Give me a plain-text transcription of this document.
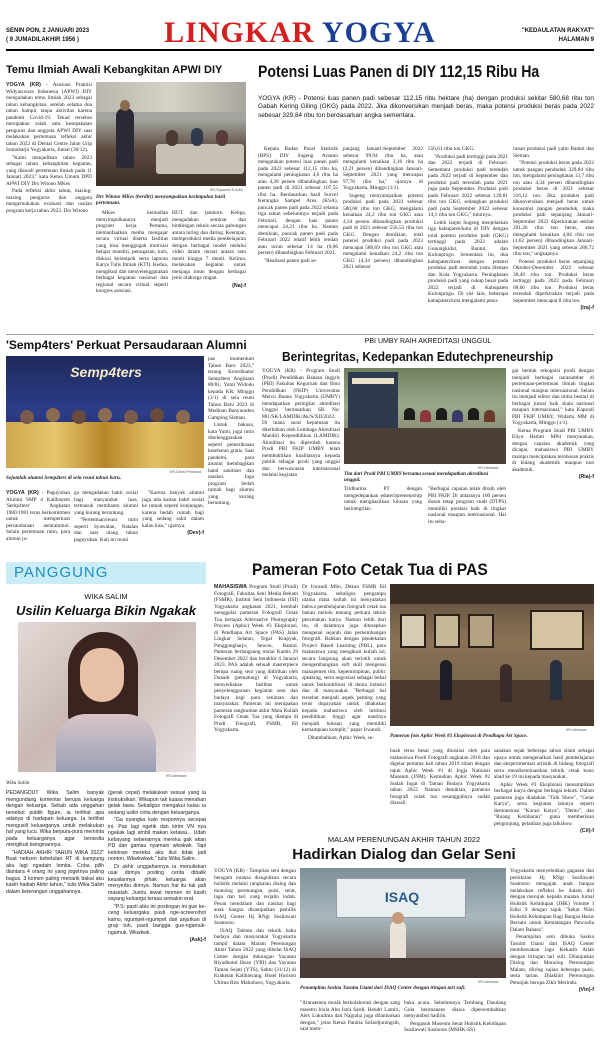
SENIN PON, 2 JANUARI 2023
( 9 JUMADILAKHIR 1956 )	LINGKAR YOGYA	"KEDAULATAN RAKYAT"
HALAMAN 9
Temu Ilmiah Awali Kebangkitan APWI DIY

YOGYA (KR) - Asosiasi Praktisi Widyaiswara Indonesia (APWI) DIY mengadakan temu ilmiah 2023 sebagai tahun kebangkitan, setelah selama dua tahun hampir tanpa aktivitas karena pandemi Covid-19. Tekad tersebut merupakan salah satu kesepakatan pengurus dan anggota APWI DIY saat melakukan pertemuan refleksi akhir tahun 2022 di Dental Centre Jalan Urip Sumoharjo Yogyakarta, Jumat (30/12).

"Kami menjadikan tahun 2023 sebagai tahun kebangkitan kegiatan, yang diawali pertemuan ilmiah pada 11 Januari 2023," kata Ketua Umum DPD APWI DIY Drs Witono MKes

Pada refleksi akhir tahun, masing-masing pengurus dan anggota mengemukakan evaluasi dan usulan program kerja tahun 2023. Drs Witono

KR-Supartno S.Adhi
Drs Witono MKes (berdiri) menyampaikan kesimpulan hasil pertemuan.

MKes kemudian menyimpulkannya menjadi program kerja. Pertama, memanfaatkan media mengajar secara virtual diserta fasilitas yang bisa menggugah motivasi belajar mandiri, penugasan, kuis, diskusi kelompok serta laporan Karya Tulis Ilmiah (KTI). Kedua, mengikuti dan menyelenggarakan berbagai kegiatan nasional dan regional secara virtual seperti kongres asosiasi,

HUT dan jambore. Ketiga, mengadakan seminar dan bimbingan teknis secara gabungan antara luring dan daring. Keempat, memproduksi media pembelajaran dengan berbagai model melalui video dalam durasi antara satu menit hingga 7 menit. Kelima, melakukan kegiatan untuk menjaga imun dengan berbagai jenis olahraga ringan.

(Na)-f

Potensi Luas Panen di DIY 112,15 Ribu Ha
YOGYA (KR) - Potensi luas panen padi sebesar 112,15 ribu hektare (ha) dengan produksi sekitar 580,68 ribu ton Gabah Kering Giling (GKG) pada 2022. Jika dikonversikan menjadi beras, maka potensi produksi beras pada 2022 sebesar 329,84 ribu ton berdasarkan angka sementara.

Kepala Badan Pusat Statistik (BPS) DIY Sugeng Arianto mengatakan potensi luas panen padi pada 2022 sebesar 112,15 ribu ha, mengalami peningkatan 4,6 ribu ha atau 4,28 persen dibandingkan luas panen padi di 2021 sebesar 107,55 ribu ha. Berdasarkan hasil Survei Kerangka Sampel Area (KSA), puncak panen padi pada 2022 selama tiga tahun sebelumnya terjadi pada Februari, dengan luas panen mencapai 24,21 ribu ha. Namun demikian, puncak panen padi pada Februari 2022 relatif lebih rendah atau turun sebesar 14 ha (0,06 persen) dibandingkan Februari 2021.

"Realisasi panen padi se-

panjang Januari-September 2022 sebesar 99,94 ribu ha, atau mengalami kenaikan 2,16 ribu ha (2,21 persen) dibandingkan Januari-September 2021 yang mencapai 97,78 ribu ha," ujarnya di Yogyakarta, Minggu (1/1).

Sugeng menyampaikan potensi produksi padi pada 2022 sebesar 580,68 ribu ton GKG, mengalami kenaikan 24,2 ribu ton GKG atau 4,34 persen dibandingkan produksi padi di 2021 sebesar 556,53 ribu ton GKG. Dengan demikian, total potensi produksi padi pada 2022 mencapai 580,69 ribu ton GKG atau mengalami kenaikan 24,2 ribu ton GKG (4,34 persen) dibandingkan 2021 sebesar

556,61 ribu ton GKG.

"Produksi padi tertinggi pada 2021 dan 2022 terjadi di Februari. Sementara produksi padi terendah pada 2022 terjadi di September dan produksi padi terendah pada 2021 juga pada September. Produksi padi pada Februari 2022 sebesar 120,81 ribu ton GKG, sedangkan produksi padi pada September 2022 sebesar 14,1 ribu ton GKG," tuturnya.

Lebih lanjut Sugeng menjelaskan tiga kabupaten/kota di DIY dengan total potensi produksi padi (GKG) tertinggi pada 2022 adalah Gunungkidul, Bantul, dan Kulonprogo. Sementara itu, dua kabupaten/kota dengan potensi produksi padi terendah yaitu Sleman dan Kota Yogyakarta. Peningkatan produksi padi yang cukup besar pada 2022 terjadi di Kabupaten Kulonprogo. Di sisi lain, beberapa kabupaten/kota mengalami penu-

runan produksi padi yaitu Bantul dan Sleman.

"Potensi produksi beras pada 2022 untuk pangan penduduk 329,84 ribu ton, mengalami peningkatan 13,7 ribu ton atau 4,34 persen dibandingkan produksi beras di 2021 sebesar 316,12 ton. Jika produksi padi dikonversikan menjadi beras untuk konsumsi pangan penduduk, maka produksi padi sepanjang Januari-September 2022 diperkirakan sekitar 291,26 ribu ton beras, atau mengalami kenaikan 4,84 ribu ton (1,62 persen) dibandingkan Januari-September 2021 yang sebesar 286,72 ribu ton," ungkapnya.

Potensi produksi beras sepanjang Oktober-Desember 2022 sebesar 38,49 ribu ton. Produksi beras tertinggi pada 2022 pada Februari 68,66 ribu ton. Produksi beras terendah diperkirakan terjadi pada September mencapai 8 ribu ton.

(Ira)-f

'Semp4ters' Perkuat Persaudaraan Alumni
Semp4ters
KR-Devid Permana
Sejumlah alumni Semp4ters di sela reuni tahun baru.

YOGYA (KR) - Paguyuban Alumni SMP 4 Kalibayem 'Semp4ters' Angkatan 1980/1981 terus berkomitmen untuk memperkuat persaudaraan antaralumni. Selain pertemuan rutin, para alumni ju-

ga mengadakan bakti sosial bagi masyarakat luas, termasuk membantu alumni yang kurang beruntung.

"Pertemuan/reuni rutin seperti Syawalan, Natalan dan saat ulang tahun paguyuban. Kali ini reuni

"Karena banyak alumni juga ada kaitan bakti sosial ke rumah seperti kunjungan, karena bedah rumah bagi yang sedang sakit dalam kalau bisa," ujarnya.

(Dev)-f

pas momentum Tahun Baru 2023," terang Koordinator Semp4ters Angkatan 80/81, Yumi Widodo kepada KR, Minggu (1/1) di sela reuni Tahun Baru 2023 di Medinan Banyuraden Gamping Sleman.

Untuk bakosa, kata Yumi, juga rutin diselenggarakan seperti pemeriksaan kesehatan gratis. Saat pandemi, para alumni membagikan hand sanitizer dan masker. Juga program bedah rumah bagi alumni yang kurang beruntung.

PBI UMBY RAIH AKREDITASI UNGGUL
Berintegritas, Kedepankan Edutechpreneurship

YOGYA (KR) - Program Studi (Prodi) Pendidikan Bahasa Inggris (PBI) Fakultas Keguruan dan Ilmu Pendidikan (FKIP) Universitas Mercu Buana Yogyakarta (UMBY) mendapatkan peringkat akreditasi Unggul berdasarkan SK No: 881/SK/LAMDIK/Ak/S/XII/2022. Di mana surat keputusan itu diterbitkan oleh Lembaga Akreditasi Mandiri Kependidikan (LAMDIK). Akreditasi itu diperoleh karena Prodi PBI FKIP UMBY telah membuktikan kualitasnya kepada publik sebagai prodi yang unggul dan berwawasan internasional melalui kegiatan

KR-Istimewa
Tim dari Prodi PBI UMBY bersama sesuai mendapatkan akreditasi unggul.

Tridharma PT dengan mengedepankan edutechpreneurship untuk menghasilkan lulusan yang berintegritas.

"Berbagai capaian telah diraih oleh PBI FKIP. Di antaranya 100 persen dosen tetap program studi (DTPS) memiliki prestasi baik di tingkat nasional maupun internasional. Hal itu seba-

gai bentuk rekognisi prodi dengan menjadi berbagai narasumber di pertemuan-pertemuan ilmiah tingkat nasional maupun internasional. Selain itu menjadi editor dan mitra bestari di berbagai jurnal baik skala nasional maupun internasional," kata Kaprodi PBI FKIP UMBY, Widarta MM di Yogyakarta, Minggu (1/1).

Ketua Program Studi PBI UMBY Eliya Hartati MPd menyatakan, dengan capaian akademik yang dicapai, mahasiswa PBI UMBY mampu menciptakan terobosan praktis di bidang akademik maupun non akademik.

(Ria)-f

PANGGUNG
WIKA SALIM
Usilin Keluarga Bikin Ngakak
KR-Istimewa
Wika Salim

PEDANGDUT Wika Salim banyak mengundang komentar berupa keluarga dengan keluarga. Sebab ada unggahan tersebut publik figure, ia terlihat apa adanya di hadapan keluarga. Ia terlihat mengusili keluarganya untuk melakukan hal yang lucu. Wika berpura-pura meminta pada keluarganya agar bersedia mengikuti keinginannya.

"HADIAH AKHIR TAHUN WIKA 2022" Buat netizen kebetulan RT di kampung aku lagi ngadain lomba. Coba pilih diantara 4 orang ini yang jogetnya paling bagus. 3 komen paling menarik bakal aku kasih hadiah Akhir tahun," tulis Wika Salim dalam keterangan unggahannya.

(gerak cepat) melakukan sesuai yang ia instruksikan. Wikapun tak kuasa menahan gelak tawa. Sekaligus mengakui kalau ia sedang usilin cinta dengan keluarganya.

"Ga nyangka kalo responnya secepat ini. Pas lagi ngetik dan kirim VN nya ngakak lagi ambil makan ketawa... Udah kebayang sebenarnya mereka gak akan PD dan gamau nyamain wkwkwk. Tapi ketoloan mereka aku ikut tidak jadi nonton. Wkwkwkwk," tulis Wika Salim.

Di akhir unggahannya ia menuliskan usai dirinya posting cerita dibalik keusilannya pihak keluarga akan menyerbu dirinya. Namun hal itu tak jadi masalah. Justru lewat momen ini kasih sayang keluarga terasa semakin erat.

"P.S: pasti abis ini postingan ini gue ke-ceng keluargaku pasti nge-screenshot kamu, ngumpet-ngumpet dari anjurkan di grup tuh, pasti bangga gue-ngamuk-ngamuk. Wkwkwk.

(Ask)-f

Pameran Foto Cetak Tua di PAS

MAHASISWA Program Studi (Prodi) Fotografi, Fakultas Seni Media Rekam (FSMR), Institut Seni Indonesia (ISI) Yogyakarta angkatan 2021, kembali menggelar pameran Fotografi Cetak Tua bertajuk Alternative Photography Process (Aphic) Week #3 Eksplorasi, di Pendhapa Art Space (PAS) Jalan Lingkar Selatan, Tegal Krapyak, Panggungharjo, Sewon, Bantul. Pameran berlangsung mulai Kamis 29 Desember 2022 dan berakhir 4 Januari 2023. PAS adalah sebuah masterpiece berupa ruang seni yang didirikan oleh Dunadi (pematung) di Yogyakarta, menyediakan fasilitas untuk penyelenggaraan kegiatan seni dan budaya bagi para seniman dan masyarakat. Pameran ini merupakan pameran rangkuman akhir Mata Kuliah Fotografi Cetak Tua yang diampu di Prodi Fotografi, FSMR, ISI Yogyakarta.

Dr Irwandi MSn, Dekan FSMR ISI Yogyakarta, sekaligus pengampu utama mata kuliah ini menyatakan bahwa pembelajaran fotografi cetak tua bukan melulu tentang perkara teknis pencetakan karya. Namun lebih dari itu, di dalamnya juga diterapkan mengenai sejarah dan perkembangan fotografi. Bahkan dengan pendekatan Project Based Learning (PBL), para mahasiswa yang mengikuti kuliah ini, secara langsung akan terlatih untuk mengembangkan soft skill mengenai manajemen tim, kepemimpinan, public speaking, serta negosiasi sebagai bekal untuk berkontribusi di dunia industri dan di masyarakat. "Berbagai hal tersebut menjadi aspek penting yang terus dupayakan untuk dilakukan kepada mahasiswa oleh institusi pendidikan tinggi agar nantinya menjadi lulusan yang memiliki kemampuan komplit," papar Irwandi.

Ditambahkan, Aphic Week, se-

KR-Istimewa
Pameran foto Aphic Week #3 Eksplorasi di Pendhapa Art Space.

buah terus besar yang dinisiasi oleh para mahasiswa Prodi Fotografi angkatan 2018 dan digelar pertama kali tahun 2019 silam dengan tajuk Aphic Week #1 di Jogja National Museum (JNM). Kemudian Aphic Week #2 Sudah Ingat di Taman Budaya Yogyakarta tahun 2022. Namun demikian, pameran fotografi cetak tua sesungguhnya sudah diawali

sanakan sejak beberapa tahun silam sebagai upaya untuk mengenalkan hasil pembelajaran dan eksperimentasi artistik di bidang fotografi serta mendiseminasikan teknik cetak kuno abad ke 19 ini kepada masyarakat.

Aphic Week #3 Eksplorasi menampilkan berbagai karya dengan berbagai teknik. Dalam pameran juga diadakan "Talk Show", "Gelar Karya", serta kegiatan lainnya seperti demonstrasi "Kurasi Karya", "Demo", dan "Ruang Kembaran" guna memberikan pengunjung, pelatihan juga talkshow.

(Cil)-f

MALAM PERENUNGAN AKHIR TAHUN 2022
Hadirkan Dialog dan Gelar Seni

YOGYA (KR) - Tampilan seni dengan beragam nuansa disuguhkan secara holistik melalui rangkaian dialog dan monolog perenungan, puisi, serat, lagu dan tari yang terjalin indah. Pesan mendalam dan nasihat bagi anak bangsa disampaikan pemilik ISAQ Center Hj RNgt Susilawati Susmono.

ISAQ Talenta dan teknik bahu budaya dan masyarakat Yogyakarta tampil dalam Malam Perenungan Akhir Tahun 2022 yang dihelat ISAQ Center dengan dukungan Yayasan Riyadhotul Ihsan (YRI) dan Yayasan Taman Sejati (YTS), Sabtu (31/12) di Kraketan Kalibawang, Hotel Horison Ultima Riss Malioboro, Yogyakarta.

ISAQ
KR-Istimewa
Penampilan Saskia Tasnim Utami dari ISAQ Center dengan iringan tari sufi.

"Aransemen musik berkolaborasi dengan sang maestro biola Ahn Istra Sardi, Hendri Lamiri, Alex Lukulima dan Nagraha juga dilantunkan dengan," jelas Ketua Panitia Sofardjuningsih, saat mem-

buka acara. Sebelumnya Tembang Dandang Gula berimanens diawa dipersembahkan menyambut hadirin.

Pengasuh Museum Serat Holistik Kehidupan Susilawati Susmono (MSHK-SS)

Yogyakarta menyebutkan gagasan dan pemikiran Hj RNgt Susilawati Susmono mengajak anak bangsa melakukan refleksi ke dalam diri dengan merujuk kepada muatan Jurnal Holistik Kehidupan (JHK) Volume I Edisi 9 dengan tajuk "Sehat Nilai Holistik Kehidupan Bagi Bangsa Harus Bersatu untuk Kematangan Pancasila Dalam Bahasa".

Penampilan seni dibuka Saskia Tasnim Utami dari ISAQ Center membawakan lagu Kekasih Allah dengan irringan tari sufi. Dilanjutkan Dialog dan Monolog Perenungan Malam, diiring sajian beberapa puisi, serta tarian. Dilakhiri Perenungan Petunjuk berupa Zikir Merindu.

(Vin)-f
